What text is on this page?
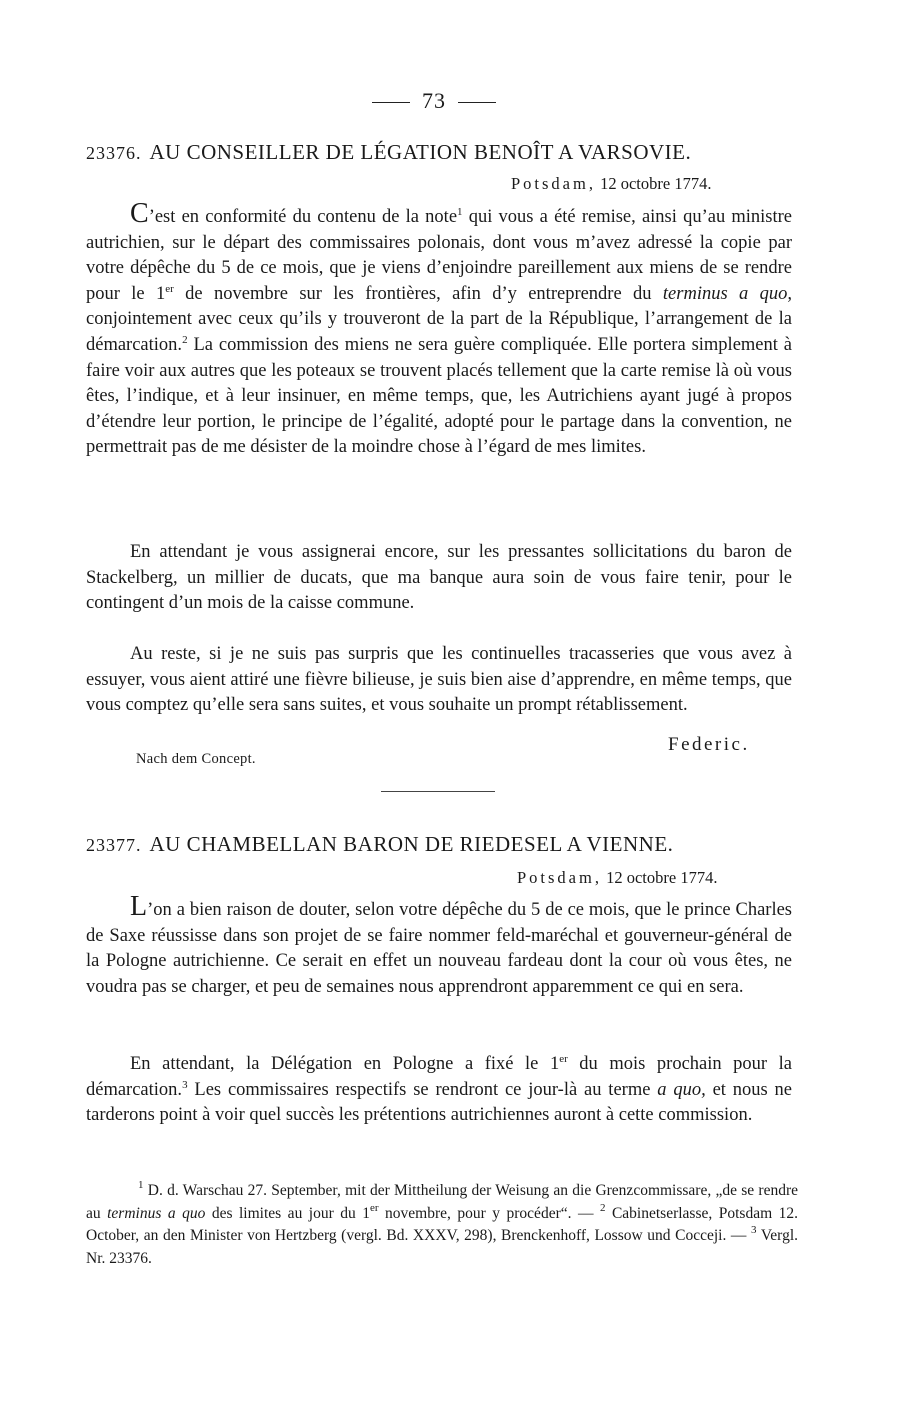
73
23376. AU CONSEILLER DE LÉGATION BENOÎT A VARSOVIE.
Potsdam, 12 octobre 1774.

C’est en conformité du contenu de la note$^1$ qui vous a été remise, ainsi qu’au ministre autrichien, sur le départ des commissaires polonais, dont vous m’avez adressé la copie par votre dépêche du 5 de ce mois, que je viens d’enjoindre pareillement aux miens de se rendre pour le 1er de novembre sur les frontières, afin d’y entreprendre du terminus a quo, conjointement avec ceux qu’ils y trouveront de la part de la République, l’arrangement de la démarcation.$^2$ La commission des miens ne sera guère compliquée. Elle portera simplement à faire voir aux autres que les poteaux se trouvent placés tellement que la carte remise là où vous êtes, l’indique, et à leur insinuer, en même temps, que, les Autrichiens ayant jugé à propos d’étendre leur portion, le principe de l’égalité, adopté pour le partage dans la convention, ne permettrait pas de me désister de la moindre chose à l’égard de mes limites.

En attendant je vous assignerai encore, sur les pressantes sollicitations du baron de Stackelberg, un millier de ducats, que ma banque aura soin de vous faire tenir, pour le contingent d’un mois de la caisse commune.

Au reste, si je ne suis pas surpris que les continuelles tracasseries que vous avez à essuyer, vous aient attiré une fièvre bilieuse, je suis bien aise d’apprendre, en même temps, que vous comptez qu’elle sera sans suites, et vous souhaite un prompt rétablissement.

Federic.
Nach dem Concept.
23377. AU CHAMBELLAN BARON DE RIEDESEL A VIENNE.
Potsdam, 12 octobre 1774.

L’on a bien raison de douter, selon votre dépêche du 5 de ce mois, que le prince Charles de Saxe réussisse dans son projet de se faire nommer feld-maréchal et gouverneur-général de la Pologne autrichienne. Ce serait en effet un nouveau fardeau dont la cour où vous êtes, ne voudra pas se charger, et peu de semaines nous apprendront apparemment ce qui en sera.

En attendant, la Délégation en Pologne a fixé le 1er du mois prochain pour la démarcation.$^3$ Les commissaires respectifs se rendront ce jour-là au terme a quo, et nous ne tarderons point à voir quel succès les prétentions autrichiennes auront à cette commission.

$^1$ D. d. Warschau 27. September, mit der Mittheilung der Weisung an die Grenzcommissare, „de se rendre au terminus a quo des limites au jour du 1er novembre, pour y procéder“. — $^2$ Cabinetserlasse, Potsdam 12. October, an den Minister von Hertzberg (vergl. Bd. XXXV, 298), Brenckenhoff, Lossow und Cocceji. — $^3$ Vergl. Nr. 23376.
